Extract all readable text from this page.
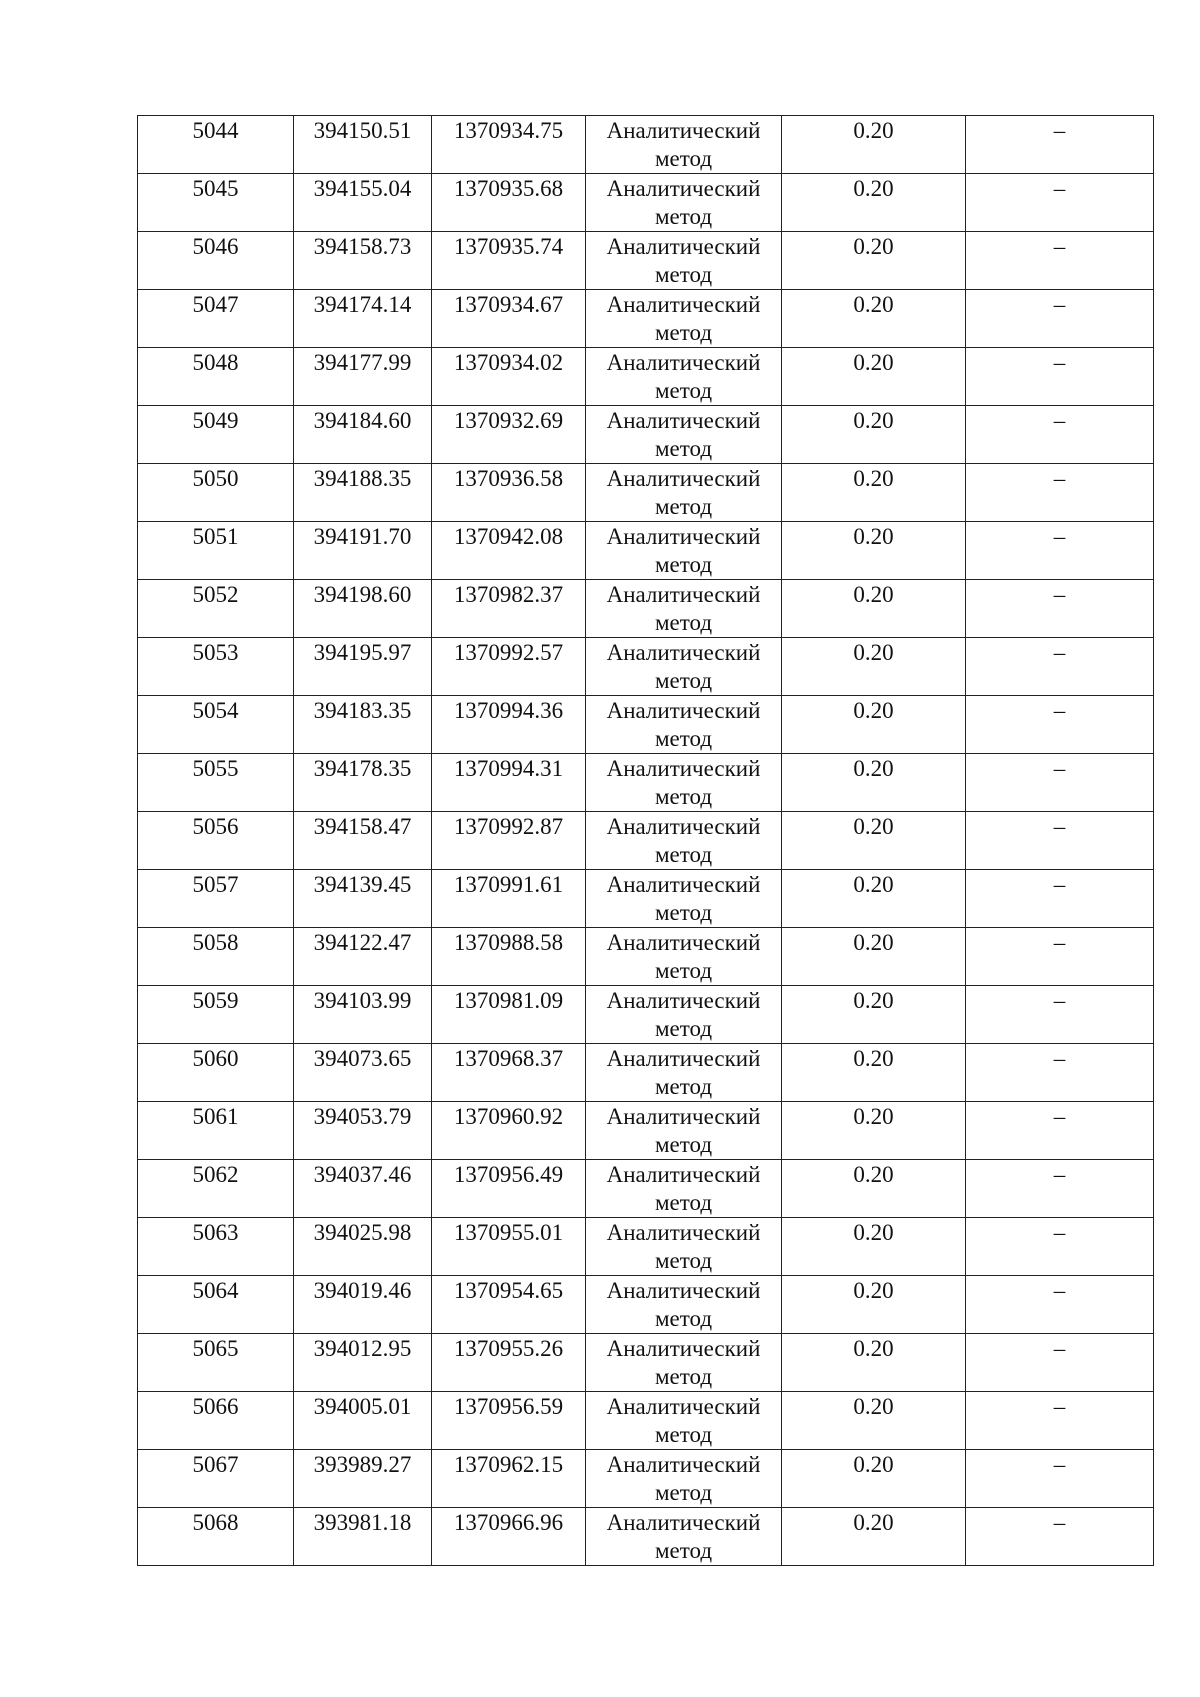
5044	394150.51	1370934.75	Аналитический метод	0.20	–
5045	394155.04	1370935.68	Аналитический метод	0.20	–
5046	394158.73	1370935.74	Аналитический метод	0.20	–
5047	394174.14	1370934.67	Аналитический метод	0.20	–
5048	394177.99	1370934.02	Аналитический метод	0.20	–
5049	394184.60	1370932.69	Аналитический метод	0.20	–
5050	394188.35	1370936.58	Аналитический метод	0.20	–
5051	394191.70	1370942.08	Аналитический метод	0.20	–
5052	394198.60	1370982.37	Аналитический метод	0.20	–
5053	394195.97	1370992.57	Аналитический метод	0.20	–
5054	394183.35	1370994.36	Аналитический метод	0.20	–
5055	394178.35	1370994.31	Аналитический метод	0.20	–
5056	394158.47	1370992.87	Аналитический метод	0.20	–
5057	394139.45	1370991.61	Аналитический метод	0.20	–
5058	394122.47	1370988.58	Аналитический метод	0.20	–
5059	394103.99	1370981.09	Аналитический метод	0.20	–
5060	394073.65	1370968.37	Аналитический метод	0.20	–
5061	394053.79	1370960.92	Аналитический метод	0.20	–
5062	394037.46	1370956.49	Аналитический метод	0.20	–
5063	394025.98	1370955.01	Аналитический метод	0.20	–
5064	394019.46	1370954.65	Аналитический метод	0.20	–
5065	394012.95	1370955.26	Аналитический метод	0.20	–
5066	394005.01	1370956.59	Аналитический метод	0.20	–
5067	393989.27	1370962.15	Аналитический метод	0.20	–
5068	393981.18	1370966.96	Аналитический метод	0.20	–
